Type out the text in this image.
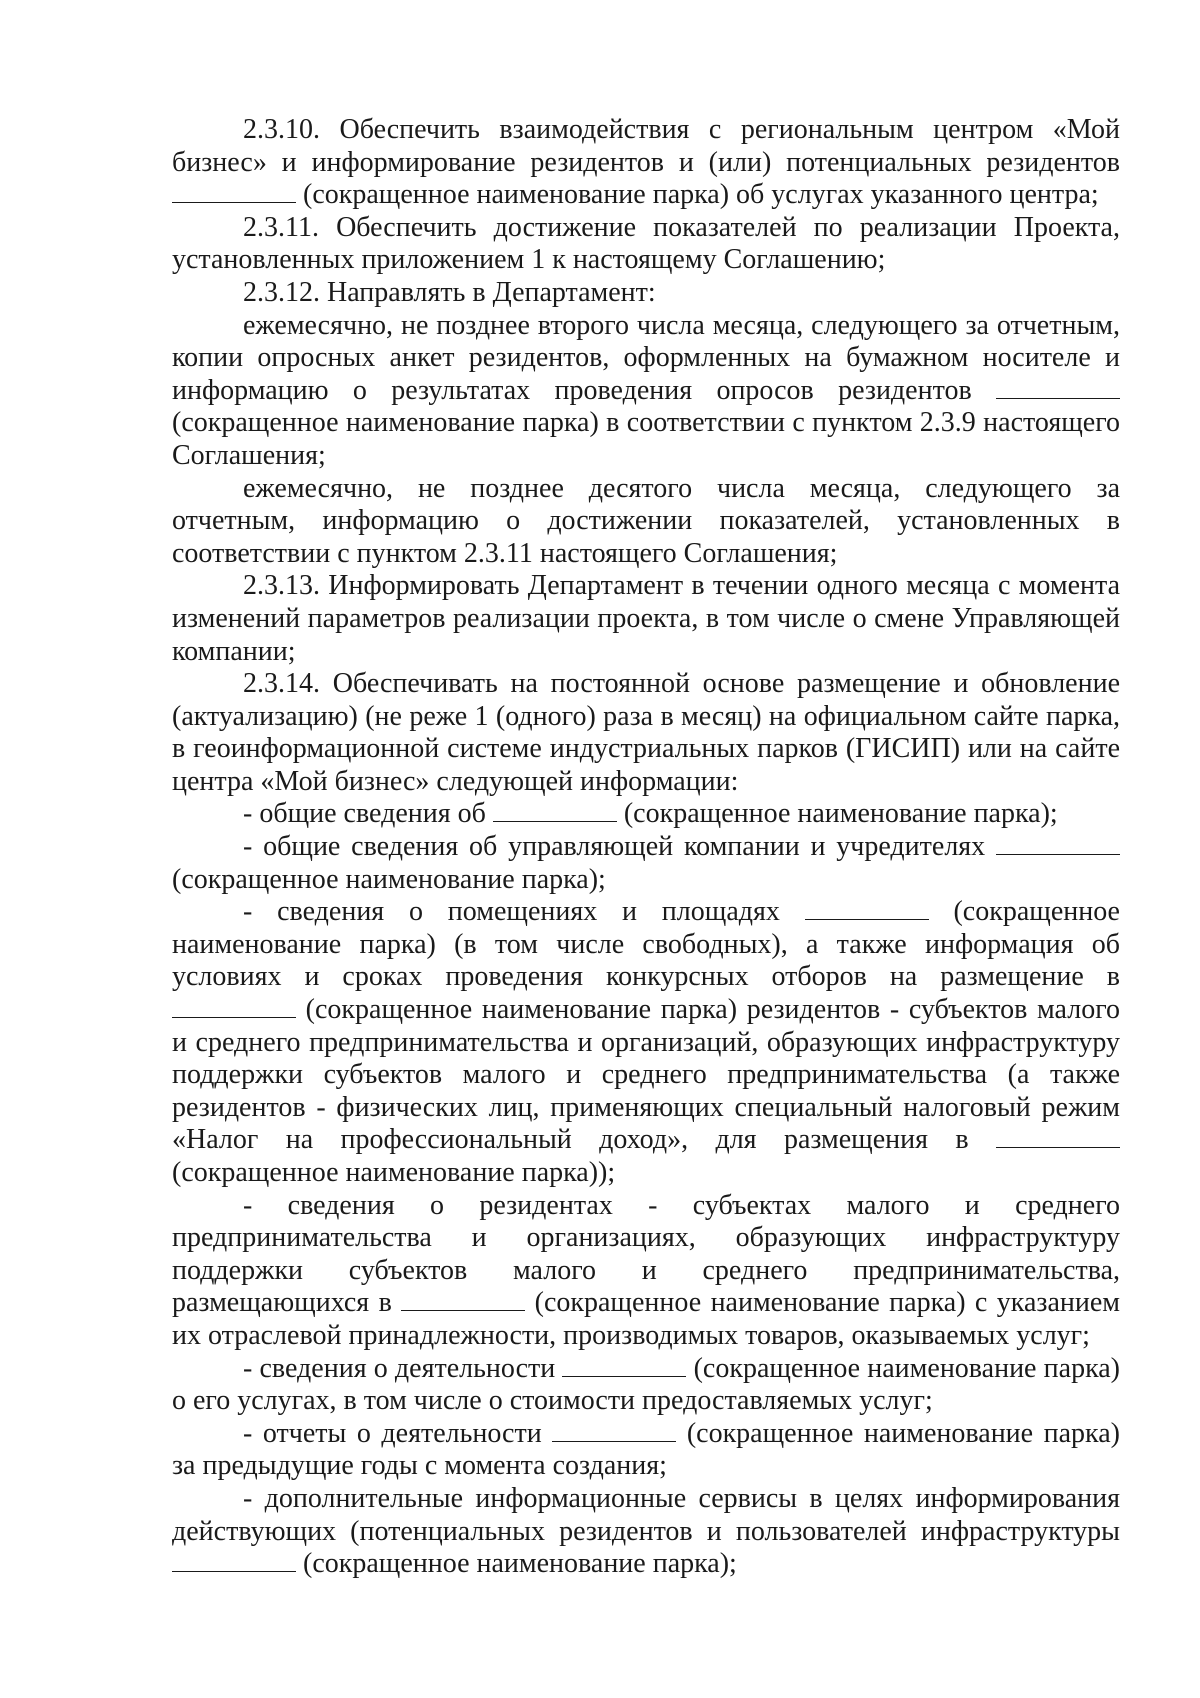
2.3.10. Обеспечить взаимодействия с региональным центром «Мой бизнес» и информирование резидентов и (или) потенциальных резидентов  (сокращенное наименование парка) об услугах указанного центра;

2.3.11. Обеспечить достижение показателей по реализации Проекта, установленных приложением 1 к настоящему Соглашению;

2.3.12. Направлять в Департамент:

ежемесячно, не позднее второго числа месяца, следующего за отчетным, копии опросных анкет резидентов, оформленных на бумажном носителе и информацию о результатах проведения опросов резидентов  (сокращенное наименование парка) в соответствии с пунктом 2.3.9 настоящего Соглашения;

ежемесячно, не позднее десятого числа месяца, следующего за отчетным, информацию о достижении показателей, установленных в соответствии с пунктом 2.3.11 настоящего Соглашения;

2.3.13. Информировать Департамент в течении одного месяца с момента изменений параметров реализации проекта, в том числе о смене Управляющей компании;

2.3.14. Обеспечивать на постоянной основе размещение и обновление (актуализацию) (не реже 1 (одного) раза в месяц) на официальном сайте парка, в геоинформационной системе индустриальных парков (ГИСИП) или на сайте центра «Мой бизнес» следующей информации:

- общие сведения об	(сокращенное наименование парка);

- общие сведения об управляющей компании и учредителях  (сокращенное наименование парка);

- сведения о помещениях и площадях	(сокращенное наименование парка) (в том числе свободных), а также информация об условиях и сроках проведения конкурсных отборов на размещение в  (сокращенное наименование парка) резидентов - субъектов малого и среднего предпринимательства и организаций, образующих инфраструктуру поддержки субъектов малого и среднего предпринимательства (а также резидентов - физических лиц, применяющих специальный налоговый режим «Налог на профессиональный доход», для размещения в  (сокращенное наименование парка));

- сведения о резидентах - субъектах малого и среднего предпринимательства и организациях, образующих инфраструктуру поддержки субъектов малого и среднего предпринимательства, размещающихся в	(сокращенное наименование парка) с указанием их отраслевой принадлежности, производимых товаров, оказываемых услуг;

- сведения о деятельности	(сокращенное наименование парка) о его услугах, в том числе о стоимости предоставляемых услуг;

- отчеты о деятельности	(сокращенное наименование парка) за предыдущие годы с момента создания;

- дополнительные информационные сервисы в целях информирования действующих (потенциальных резидентов и пользователей инфраструктуры  (сокращенное наименование парка);
